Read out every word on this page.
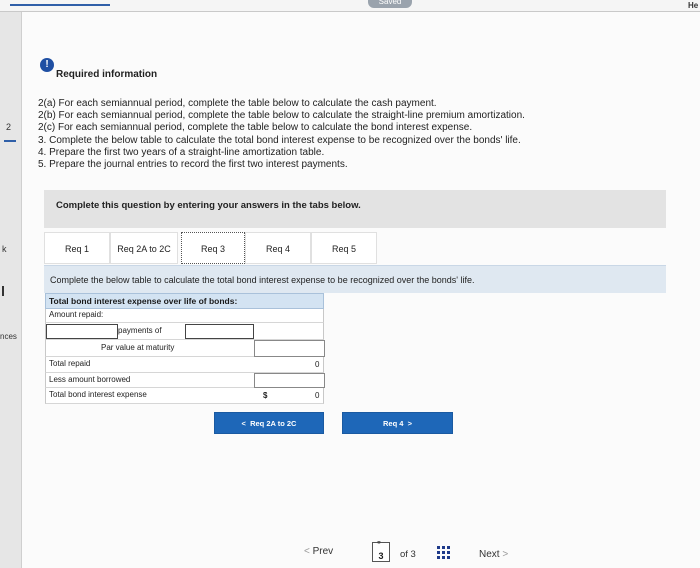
Saved	He
2
k
nces
!
Required information
2(a) For each semiannual period, complete the table below to calculate the cash payment.
2(b) For each semiannual period, complete the table below to calculate the straight-line premium amortization.
2(c) For each semiannual period, complete the table below to calculate the bond interest expense.
3. Complete the below table to calculate the total bond interest expense to be recognized over the bonds' life.
4. Prepare the first two years of a straight-line amortization table.
5. Prepare the journal entries to record the first two interest payments.
Complete this question by entering your answers in the tabs below.
Req 1	Req 2A to 2C	Req 3	Req 4	Req 5
Complete the below table to calculate the total bond interest expense to be recognized over the bonds' life.
Total bond interest expense over life of bonds:
Amount repaid:
payments of
Par value at maturity
Total repaid	0
Less amount borrowed
Total bond interest expense	$	0
< Req 2A to 2C	Req 4 >
< Prev	3
⚭
of 3	Next >
